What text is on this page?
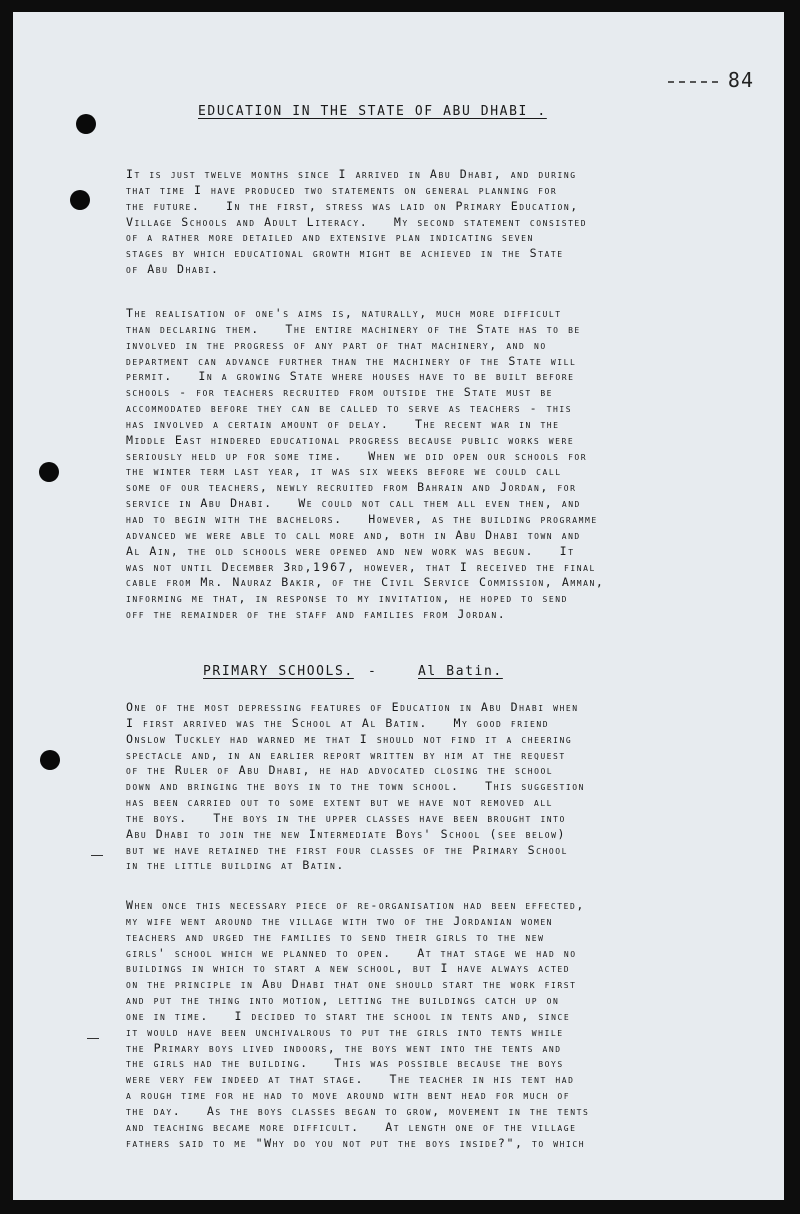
84
EDUCATION IN THE STATE OF ABU DHABI .
It is just twelve months since I arrived in Abu Dhabi, and during
that time I have produced two statements on general planning for
the future.   In the first, stress was laid on Primary Education,
Village Schools and Adult Literacy.   My second statement consisted
of a rather more detailed and extensive plan indicating seven
stages by which educational growth might be achieved in the State
of Abu Dhabi.
The realisation of one's aims is, naturally, much more difficult
than declaring them.   The entire machinery of the State has to be
involved in the progress of any part of that machinery, and no
department can advance further than the machinery of the State will
permit.   In a growing State where houses have to be built before
schools - for teachers recruited from outside the State must be
accommodated before they can be called to serve as teachers - this
has involved a certain amount of delay.   The recent war in the
Middle East hindered educational progress because public works were
seriously held up for some time.   When we did open our schools for
the winter term last year, it was six weeks before we could call
some of our teachers, newly recruited from Bahrain and Jordan, for
service in Abu Dhabi.   We could not call them all even then, and
had to begin with the bachelors.   However, as the building programme
advanced we were able to call more and, both in Abu Dhabi town and
Al Ain, the old schools were opened and new work was begun.   It
was not until December 3rd,1967, however, that I received the final
cable from Mr. Nauraz Bakir, of the Civil Service Commission, Amman,
informing me that, in response to my invitation, he hoped to send
off the remainder of the staff and families from Jordan.
PRIMARY SCHOOLS. -	Al Batin.
One of the most depressing features of Education in Abu Dhabi when
I first arrived was the School at Al Batin.   My good friend
Onslow Tuckley had warned me that I should not find it a cheering
spectacle and, in an earlier report written by him at the request
of the Ruler of Abu Dhabi, he had advocated closing the school
down and bringing the boys in to the town school.   This suggestion
has been carried out to some extent but we have not removed all
the boys.   The boys in the upper classes have been brought into
Abu Dhabi to join the new Intermediate Boys' School (see below)
but we have retained the first four classes of the Primary School
in the little building at Batin.
When once this necessary piece of re-organisation had been effected,
my wife went around the village with two of the Jordanian women
teachers and urged the families to send their girls to the new
girls' school which we planned to open.   At that stage we had no
buildings in which to start a new school, but I have always acted
on the principle in Abu Dhabi that one should start the work first
and put the thing into motion, letting the buildings catch up on
one in time.   I decided to start the school in tents and, since
it would have been unchivalrous to put the girls into tents while
the Primary boys lived indoors, the boys went into the tents and
the girls had the building.   This was possible because the boys
were very few indeed at that stage.   The teacher in his tent had
a rough time for he had to move around with bent head for much of
the day.   As the boys classes began to grow, movement in the tents
and teaching became more difficult.   At length one of the village
fathers said to me "Why do you not put the boys inside?", to which
